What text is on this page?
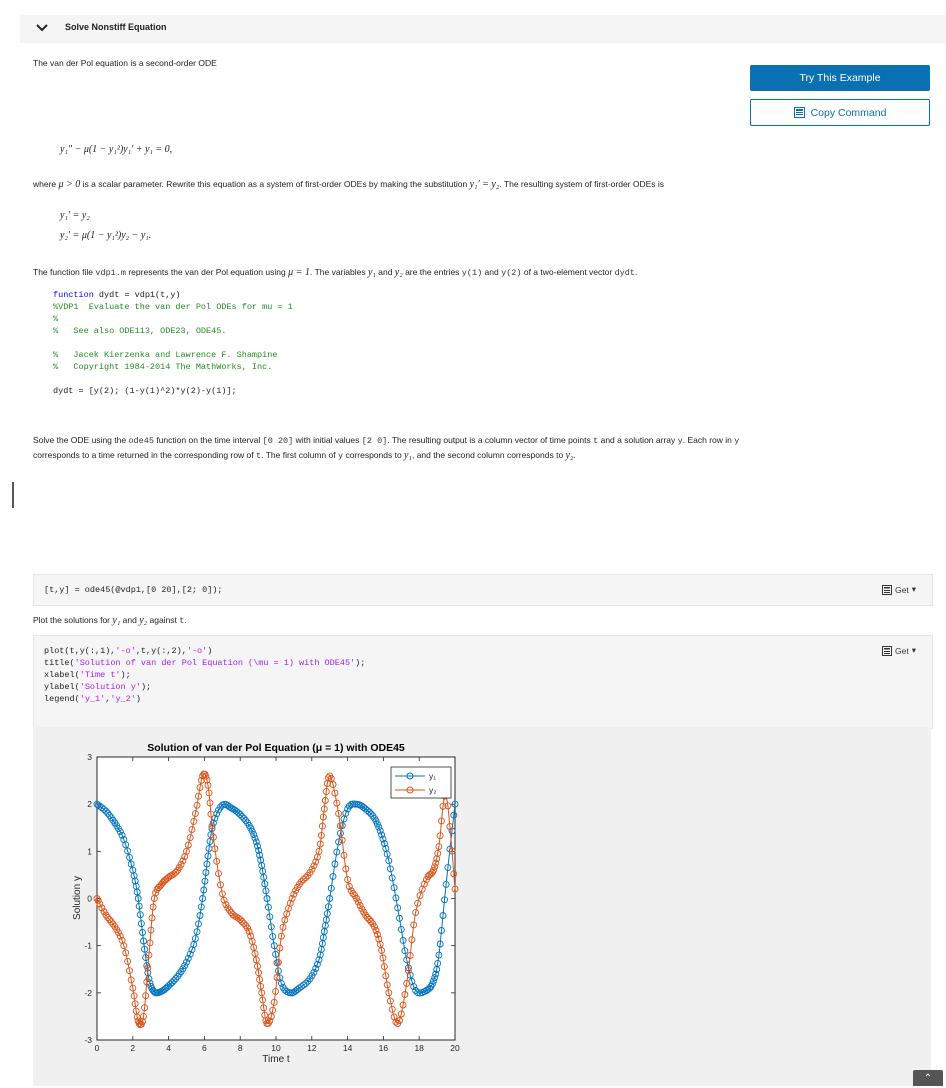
Solve Nonstiff Equation
The van der Pol equation is a second-order ODE
Try This Example
Copy Command
y₁″ − μ(1 − y₁²)y₁′ + y₁ = 0,
where μ > 0 is a scalar parameter. Rewrite this equation as a system of first-order ODEs by making the substitution y₁′ = y₂. The resulting system of first-order ODEs is
y₁′ = y₂
y₂′ = μ(1 − y₁²)y₂ − y₁.
The function file vdp1.m represents the van der Pol equation using μ = 1. The variables y₁ and y₂ are the entries y(1) and y(2) of a two-element vector dydt.
function dydt = vdp1(t,y)
%VDP1  Evaluate the van der Pol ODEs for mu = 1
%
%   See also ODE113, ODE23, ODE45.

%   Jacek Kierzenka and Lawrence F. Shampine
%   Copyright 1984-2014 The MathWorks, Inc.

dydt = [y(2); (1-y(1)^2)*y(2)-y(1)];
Solve the ODE using the ode45 function on the time interval [0 20] with initial values [2 0]. The resulting output is a column vector of time points t and a solution array y. Each row in y
corresponds to a time returned in the corresponding row of t. The first column of y corresponds to y₁, and the second column corresponds to y₂.
[t,y] = ode45(@vdp1,[0 20],[2; 0]);	Get ▾
Plot the solutions for y₁ and y₂ against t.
plot(t,y(:,1),'-o',t,y(:,2),'-o')
title('Solution of van der Pol Equation (\mu = 1) with ODE45');
xlabel('Time t');
ylabel('Solution y');
legend('y_1','y_2')
Get ▾
Solution of van der Pol Equation (μ = 1) with ODE45
Time t
Solution y
0	2	4	6	8	10	12	14	16	18	20
-3
-2
-1
0
1
2
3
y₁
y₂
⌃
